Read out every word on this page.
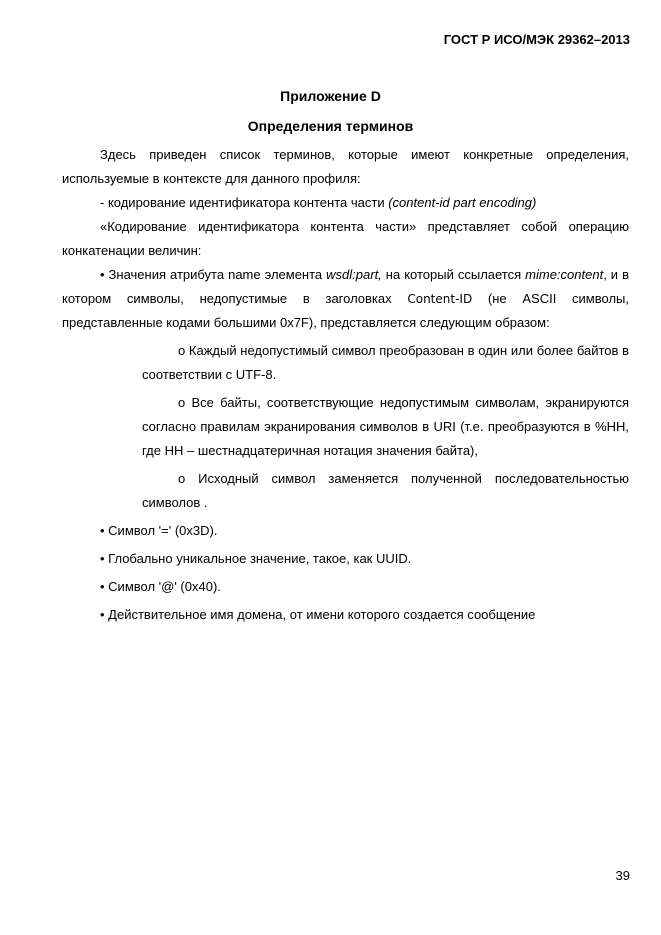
ГОСТ Р ИСО/МЭК 29362–2013
Приложение D
Определения терминов

Здесь приведен список терминов, которые имеют конкретные определения, используемые в контексте для данного профиля:

- кодирование идентификатора контента части (content-id part encoding)

«Кодирование идентификатора контента части» представляет собой операцию конкатенации величин:

• Значения атрибута name элемента wsdl:part, на который ссылается mime:content, и в котором символы, недопустимые в заголовках Content-ID (не ASCII символы, представленные кодами большими 0x7F), представляется следующим образом:

o Каждый недопустимый символ преобразован в один или более байтов в соответствии с UTF-8.

o Все байты, соответствующие недопустимым символам, экранируются согласно правилам экранирования символов в URI (т.е. преобразуются в %HH, где HH – шестнадцатеричная нотация значения байта),

o Исходный символ заменяется полученной последовательностью символов .

• Символ '=' (0x3D).

• Глобально уникальное значение, такое, как UUID.

• Символ '@' (0x40).

• Действительное имя домена, от имени которого создается сообщение

39
